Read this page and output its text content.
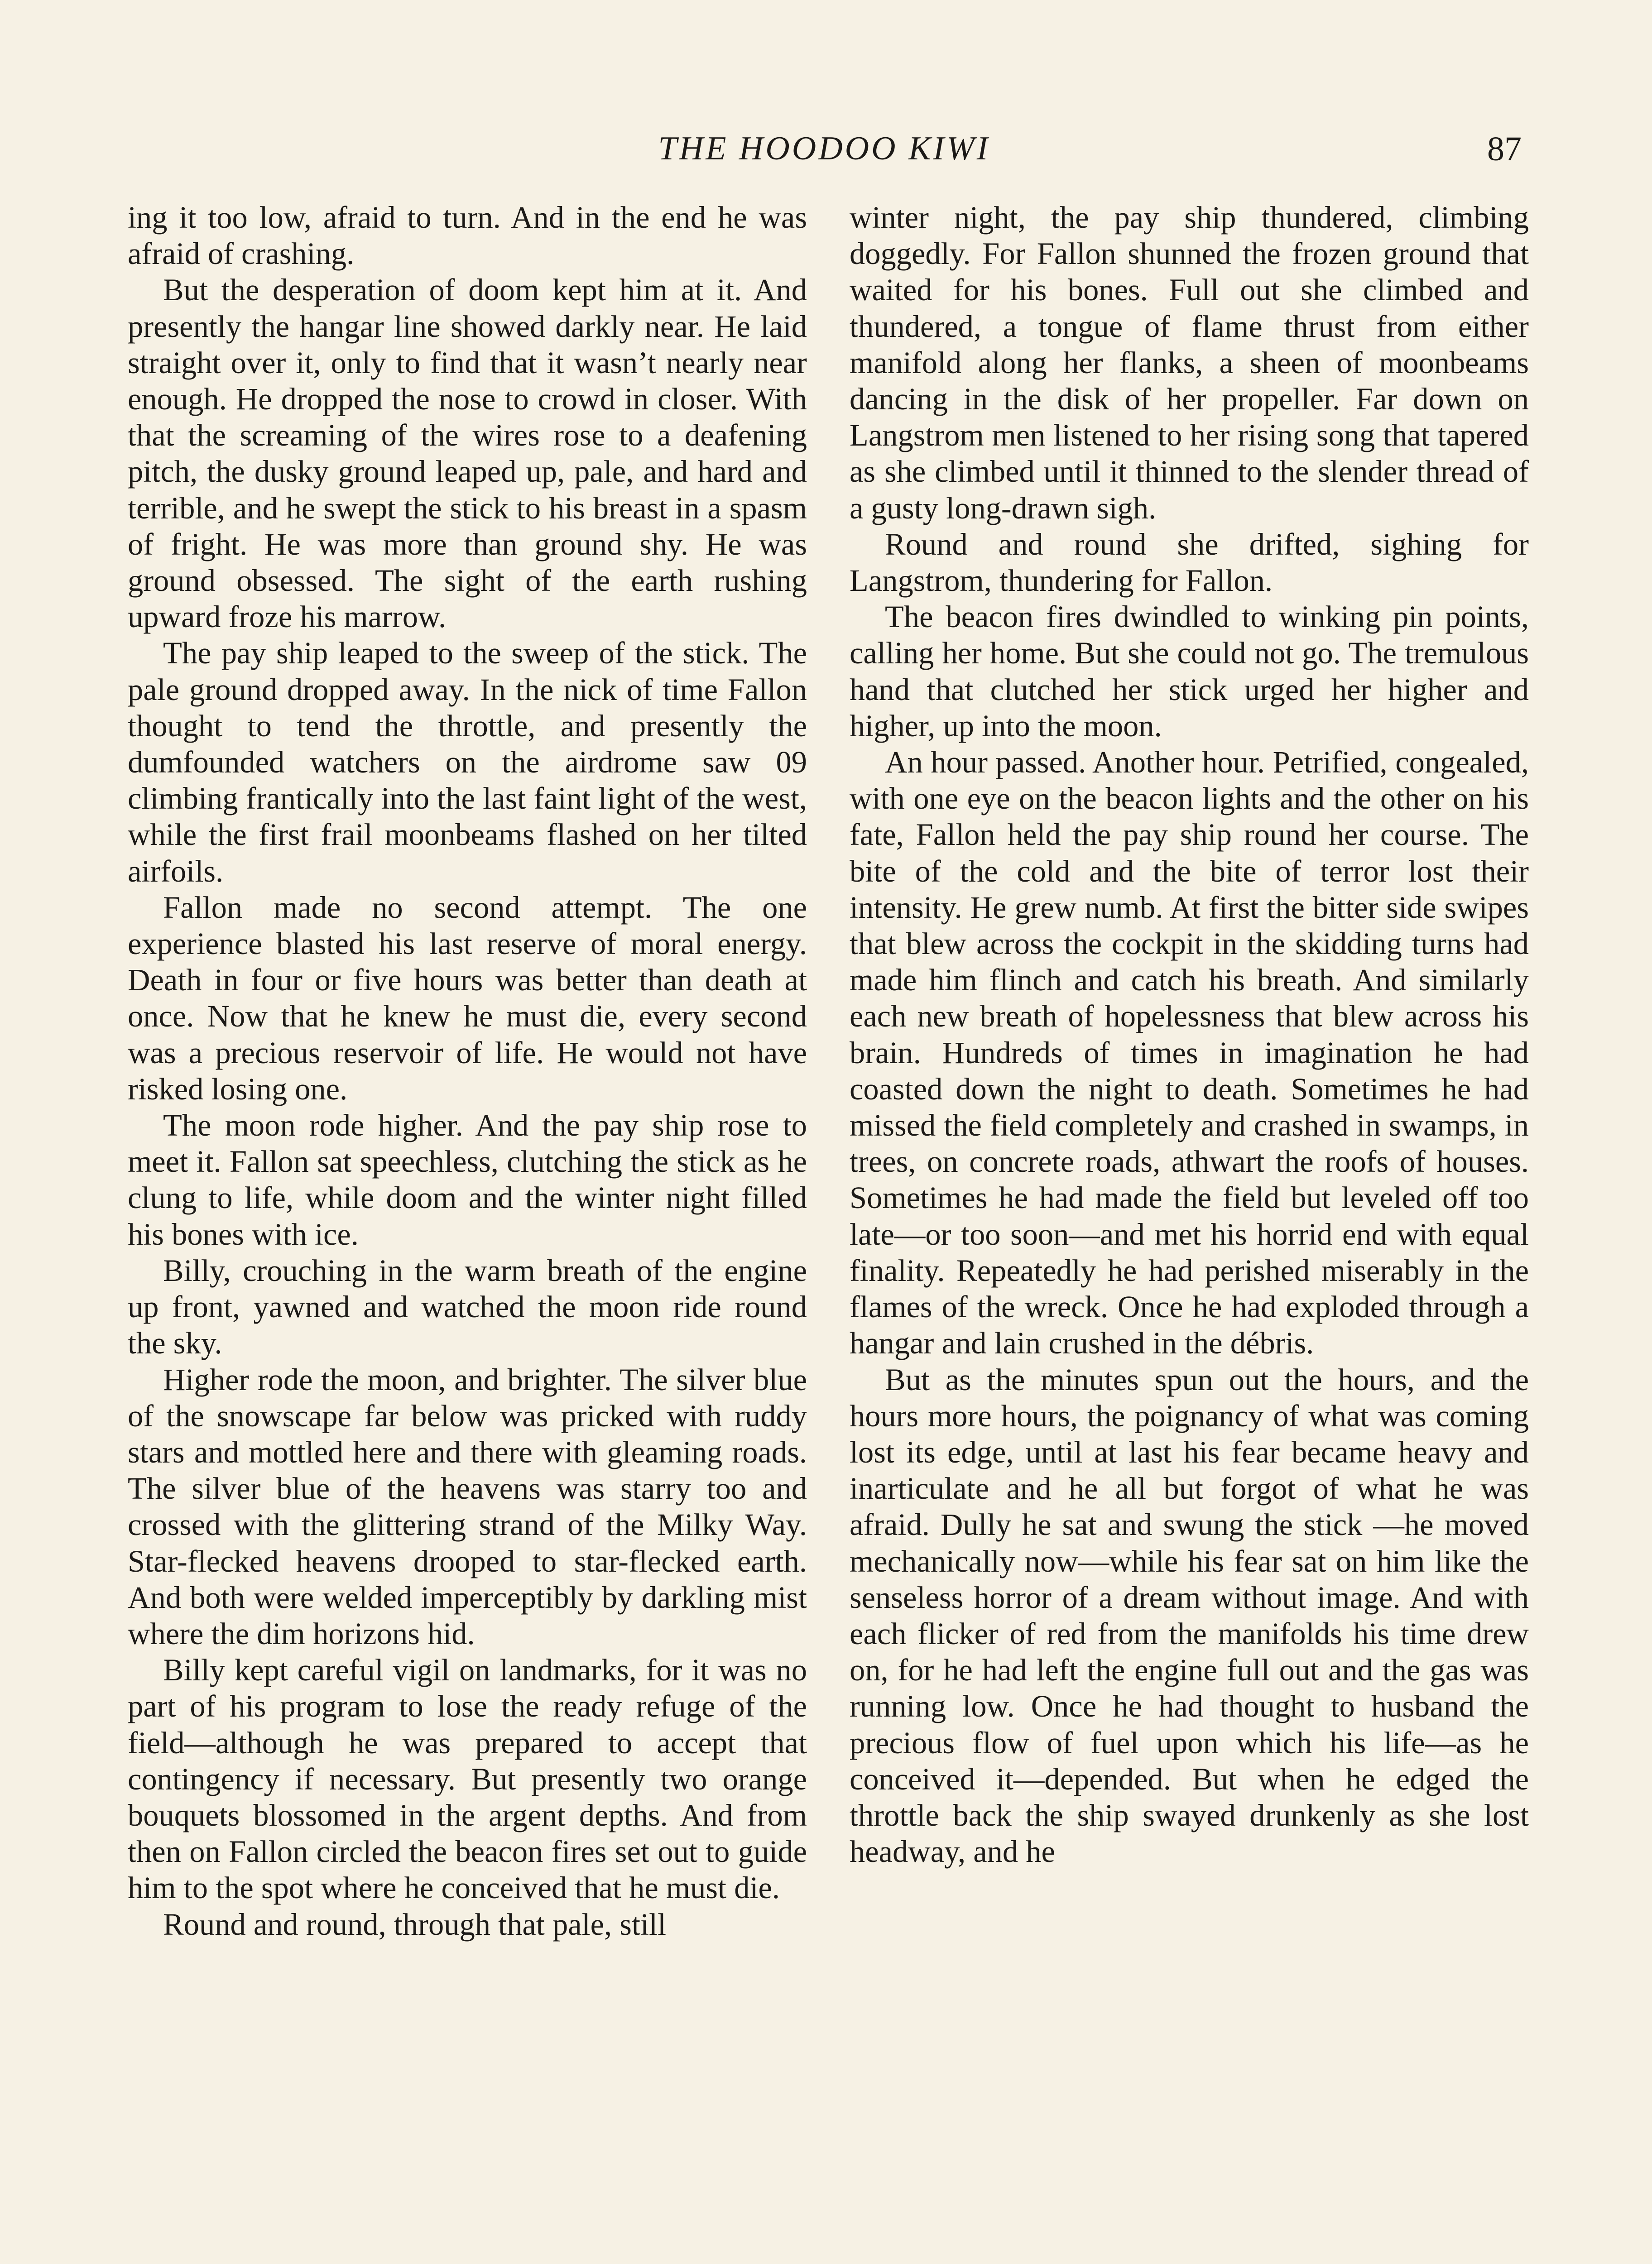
THE HOODOO KIWI	87

ing it too low, afraid to turn. And in the end he was afraid of crashing.

But the desperation of doom kept him at it. And presently the hangar line showed darkly near. He laid straight over it, only to find that it wasn’t nearly near enough. He dropped the nose to crowd in closer. With that the screaming of the wires rose to a deafening pitch, the dusky ground leaped up, pale, and hard and terrible, and he swept the stick to his breast in a spasm of fright. He was more than ground shy. He was ground obsessed. The sight of the earth rushing upward froze his marrow.

The pay ship leaped to the sweep of the stick. The pale ground dropped away. In the nick of time Fallon thought to tend the throttle, and presently the dumfounded watchers on the airdrome saw 09 climbing frantically into the last faint light of the west, while the first frail moonbeams flashed on her tilted airfoils.

Fallon made no second attempt. The one experience blasted his last reserve of moral energy. Death in four or five hours was better than death at once. Now that he knew he must die, every second was a precious reservoir of life. He would not have risked losing one.

The moon rode higher. And the pay ship rose to meet it. Fallon sat speechless, clutching the stick as he clung to life, while doom and the winter night filled his bones with ice.

Billy, crouching in the warm breath of the engine up front, yawned and watched the moon ride round the sky.

Higher rode the moon, and brighter. The silver blue of the snowscape far below was pricked with ruddy stars and mottled here and there with gleaming roads. The silver blue of the heavens was starry too and crossed with the glittering strand of the Milky Way. Star-flecked heavens drooped to star-flecked earth. And both were welded imperceptibly by darkling mist where the dim horizons hid.

Billy kept careful vigil on landmarks, for it was no part of his program to lose the ready refuge of the field—although he was prepared to accept that contingency if necessary. But presently two orange bouquets blossomed in the argent depths. And from then on Fallon circled the beacon fires set out to guide him to the spot where he conceived that he must die.

Round and round, through that pale, still

winter night, the pay ship thundered, climbing doggedly. For Fallon shunned the frozen ground that waited for his bones. Full out she climbed and thundered, a tongue of flame thrust from either manifold along her flanks, a sheen of moonbeams dancing in the disk of her propeller. Far down on Langstrom men listened to her rising song that tapered as she climbed until it thinned to the slender thread of a gusty long-drawn sigh.

Round and round she drifted, sighing for Langstrom, thundering for Fallon.

The beacon fires dwindled to winking pin points, calling her home. But she could not go. The tremulous hand that clutched her stick urged her higher and higher, up into the moon.

An hour passed. Another hour. Petrified, congealed, with one eye on the beacon lights and the other on his fate, Fallon held the pay ship round her course. The bite of the cold and the bite of terror lost their intensity. He grew numb. At first the bitter side swipes that blew across the cockpit in the skidding turns had made him flinch and catch his breath. And similarly each new breath of hopelessness that blew across his brain. Hundreds of times in imagination he had coasted down the night to death. Sometimes he had missed the field completely and crashed in swamps, in trees, on concrete roads, athwart the roofs of houses. Sometimes he had made the field but leveled off too late—or too soon—and met his horrid end with equal finality. Repeatedly he had perished miserably in the flames of the wreck. Once he had exploded through a hangar and lain crushed in the débris.

But as the minutes spun out the hours, and the hours more hours, the poignancy of what was coming lost its edge, until at last his fear became heavy and inarticulate and he all but forgot of what he was afraid. Dully he sat and swung the stick —he moved mechanically now—while his fear sat on him like the senseless horror of a dream without image. And with each flicker of red from the manifolds his time drew on, for he had left the engine full out and the gas was running low. Once he had thought to husband the precious flow of fuel upon which his life—as he conceived it—depended. But when he edged the throttle back the ship swayed drunkenly as she lost headway, and he
